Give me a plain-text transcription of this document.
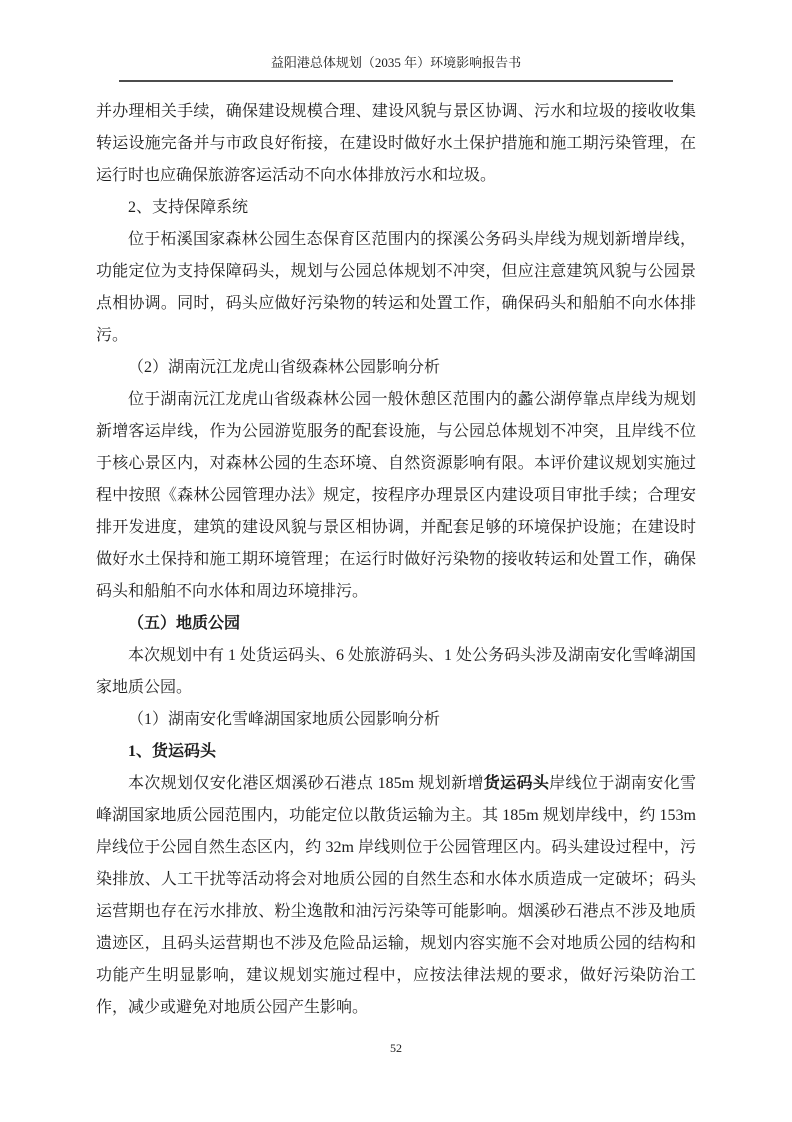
益阳港总体规划（2035 年）环境影响报告书

并办理相关手续，确保建设规模合理、建设风貌与景区协调、污水和垃圾的接收收集转运设施完备并与市政良好衔接，在建设时做好水土保护措施和施工期污染管理，在运行时也应确保旅游客运活动不向水体排放污水和垃圾。

2、支持保障系统

位于柘溪国家森林公园生态保育区范围内的探溪公务码头岸线为规划新增岸线，功能定位为支持保障码头，规划与公园总体规划不冲突，但应注意建筑风貌与公园景点相协调。同时，码头应做好污染物的转运和处置工作，确保码头和船舶不向水体排污。

（2）湖南沅江龙虎山省级森林公园影响分析

位于湖南沅江龙虎山省级森林公园一般休憩区范围内的蠡公湖停靠点岸线为规划新增客运岸线，作为公园游览服务的配套设施，与公园总体规划不冲突，且岸线不位于核心景区内，对森林公园的生态环境、自然资源影响有限。本评价建议规划实施过程中按照《森林公园管理办法》规定，按程序办理景区内建设项目审批手续；合理安排开发进度，建筑的建设风貌与景区相协调，并配套足够的环境保护设施；在建设时做好水土保持和施工期环境管理；在运行时做好污染物的接收转运和处置工作，确保码头和船舶不向水体和周边环境排污。

（五）地质公园

本次规划中有 1 处货运码头、6 处旅游码头、1 处公务码头涉及湖南安化雪峰湖国家地质公园。

（1）湖南安化雪峰湖国家地质公园影响分析

1、货运码头

本次规划仅安化港区烟溪砂石港点 185m 规划新增货运码头岸线位于湖南安化雪峰湖国家地质公园范围内，功能定位以散货运输为主。其 185m 规划岸线中，约 153m 岸线位于公园自然生态区内，约 32m 岸线则位于公园管理区内。码头建设过程中，污染排放、人工干扰等活动将会对地质公园的自然生态和水体水质造成一定破坏；码头运营期也存在污水排放、粉尘逸散和油污污染等可能影响。烟溪砂石港点不涉及地质遗迹区，且码头运营期也不涉及危险品运输，规划内容实施不会对地质公园的结构和功能产生明显影响，建议规划实施过程中，应按法律法规的要求，做好污染防治工作，减少或避免对地质公园产生影响。

52
